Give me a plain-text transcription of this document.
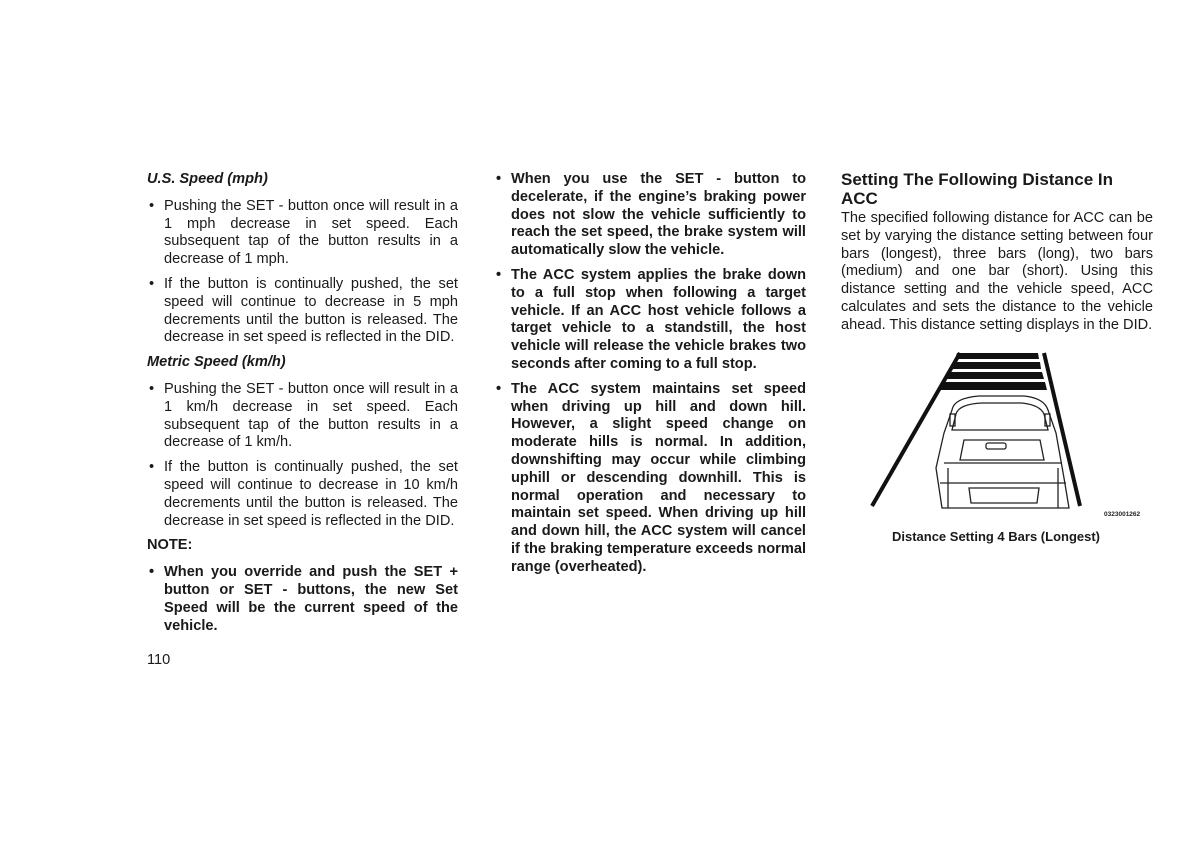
U.S. Speed (mph)
• Pushing the SET - button once will result in a 1 mph decrease in set speed. Each subsequent tap of the button results in a decrease of 1 mph.
• If the button is continually pushed, the set speed will continue to decrease in 5 mph decrements until the button is released. The decrease in set speed is reflected in the DID.
Metric Speed (km/h)
• Pushing the SET - button once will result in a 1 km/h decrease in set speed. Each subsequent tap of the button results in a decrease of 1 km/h.
• If the button is continually pushed, the set speed will continue to decrease in 10 km/h decrements until the button is released. The decrease in set speed is reflected in the DID.
NOTE:
• When you override and push the SET + button or SET - buttons, the new Set Speed will be the current speed of the vehicle.
• When you use the SET - button to decelerate, if the engine’s braking power does not slow the vehicle sufficiently to reach the set speed, the brake system will automatically slow the vehicle.
• The ACC system applies the brake down to a full stop when following a target vehicle. If an ACC host vehicle follows a target vehicle to a standstill, the host vehicle will release the vehicle brakes two seconds after coming to a full stop.
• The ACC system maintains set speed when driving up hill and down hill. However, a slight speed change on moderate hills is normal. In addition, downshifting may occur while climbing uphill or descending downhill. This is normal operation and necessary to maintain set speed. When driving up hill and down hill, the ACC system will cancel if the braking temperature exceeds normal range (overheated).
Setting The Following Distance In ACC

The specified following distance for ACC can be set by varying the distance setting between four bars (longest), three bars (long), two bars (medium) and one bar (short). Using this distance setting and the vehicle speed, ACC calculates and sets the distance to the vehicle ahead. This distance setting displays in the DID.

0323001262
Distance Setting 4 Bars (Longest)
110
